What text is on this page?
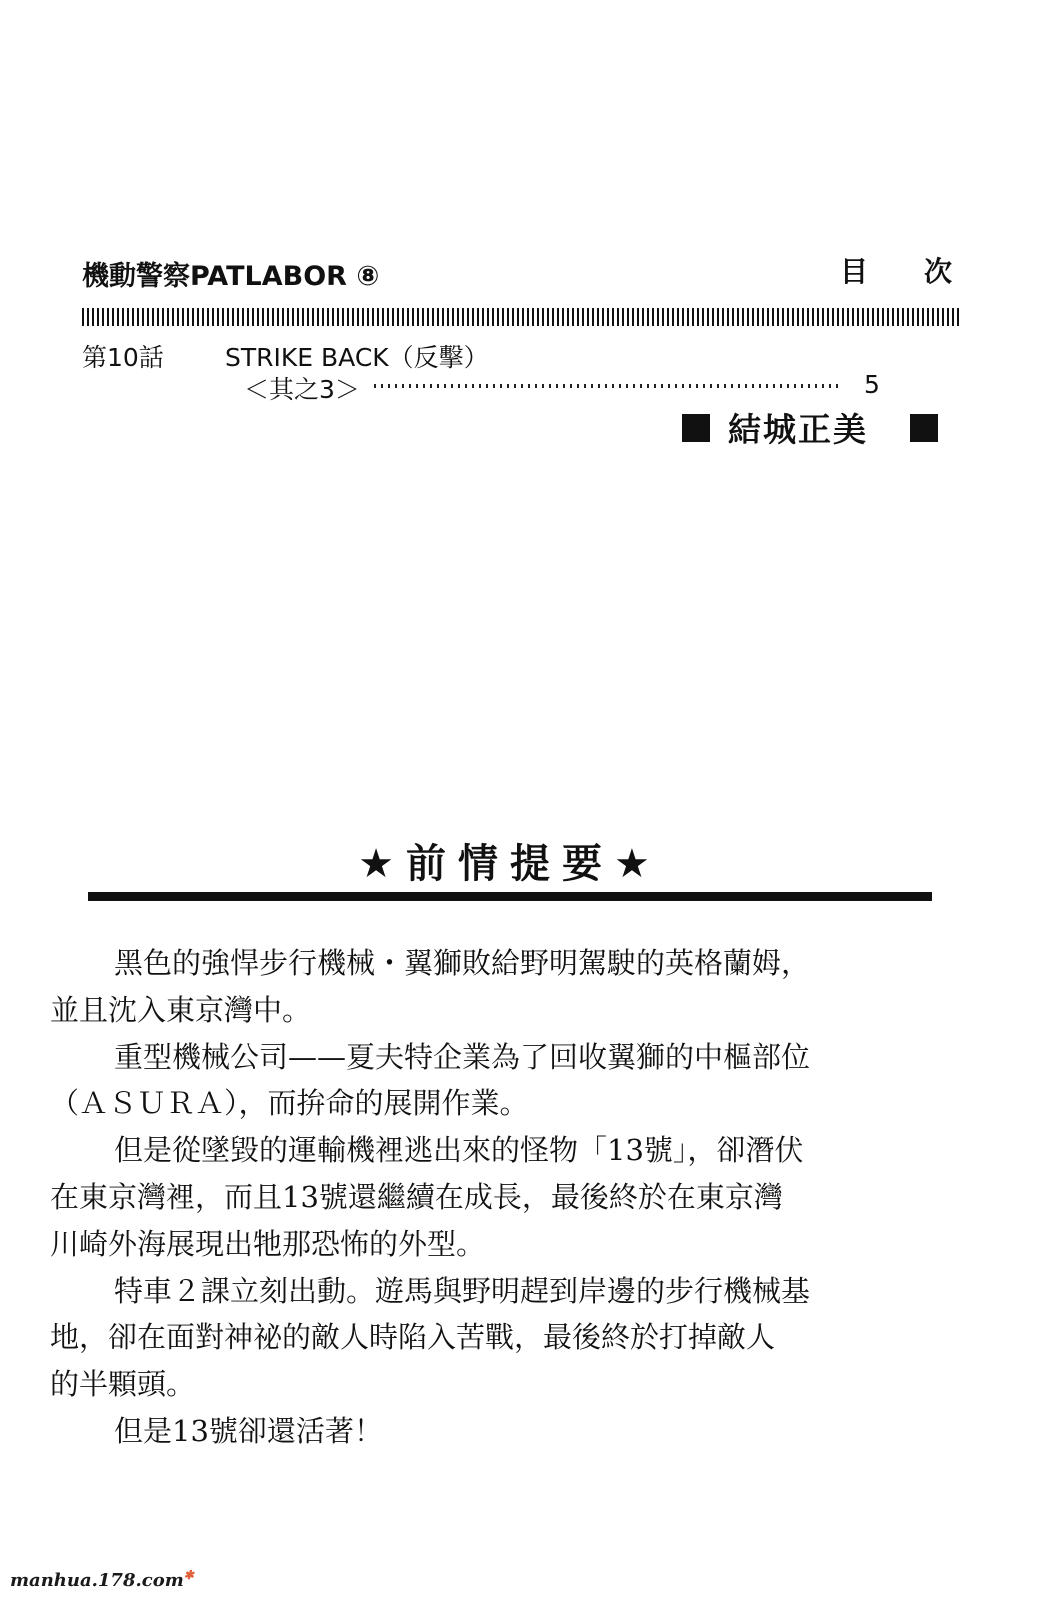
機動警察PATLABOR ⑧	目次
第10話 STRIKE BACK（反擊）
＜其之3＞	5
結城正美
★前情提要★

黑色的強悍步行機械・翼獅敗給野明駕駛的英格蘭姆，
並且沈入東京灣中。

重型機械公司——夏夫特企業為了回收翼獅的中樞部位
（ＡＳＵＲＡ），而拚命的展開作業。

但是從墜毀的運輸機裡逃出來的怪物「13號」，卻潛伏
在東京灣裡，而且13號還繼續在成長，最後終於在東京灣
川崎外海展現出牠那恐怖的外型。

特車２課立刻出動。遊馬與野明趕到岸邊的步行機械基
地，卻在面對神祕的敵人時陷入苦戰，最後終於打掉敵人
的半顆頭。

但是13號卻還活著！

manhua.178.com✱
